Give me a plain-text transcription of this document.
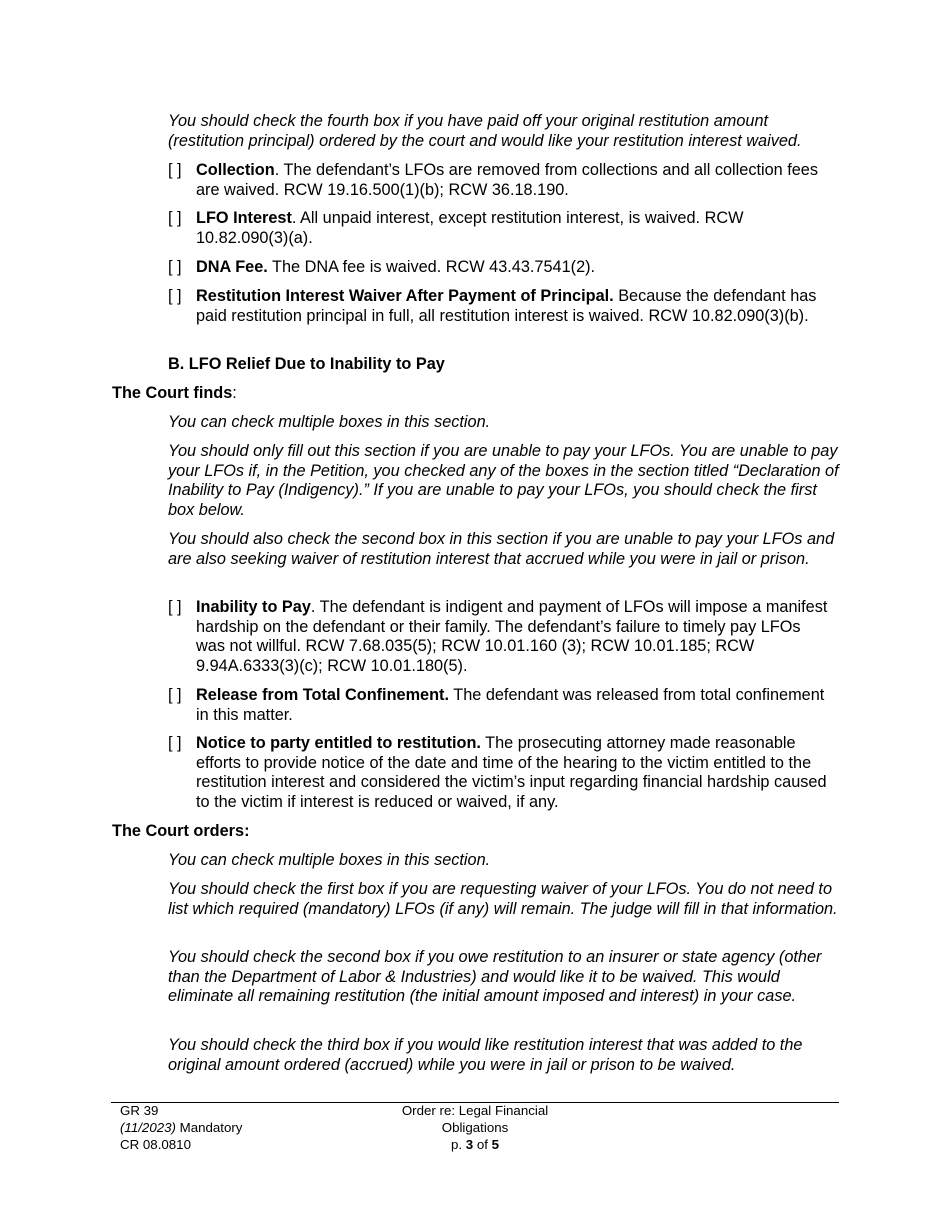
You should check the fourth box if you have paid off your original restitution amount (restitution principal) ordered by the court and would like your restitution interest waived.
[ ] Collection. The defendant’s LFOs are removed from collections and all collection fees are waived. RCW 19.16.500(1)(b); RCW 36.18.190.
[ ] LFO Interest. All unpaid interest, except restitution interest, is waived. RCW 10.82.090(3)(a).
[ ] DNA Fee. The DNA fee is waived. RCW 43.43.7541(2).
[ ] Restitution Interest Waiver After Payment of Principal. Because the defendant has paid restitution principal in full, all restitution interest is waived. RCW 10.82.090(3)(b).
B. LFO Relief Due to Inability to Pay
The Court finds:
You can check multiple boxes in this section.
You should only fill out this section if you are unable to pay your LFOs. You are unable to pay your LFOs if, in the Petition, you checked any of the boxes in the section titled “Declaration of Inability to Pay (Indigency).” If you are unable to pay your LFOs, you should check the first box below.
You should also check the second box in this section if you are unable to pay your LFOs and are also seeking waiver of restitution interest that accrued while you were in jail or prison.
[ ] Inability to Pay. The defendant is indigent and payment of LFOs will impose a manifest hardship on the defendant or their family. The defendant’s failure to timely pay LFOs was not willful. RCW 7.68.035(5); RCW 10.01.160 (3); RCW 10.01.185; RCW 9.94A.6333(3)(c); RCW 10.01.180(5).
[ ] Release from Total Confinement. The defendant was released from total confinement in this matter.
[ ] Notice to party entitled to restitution. The prosecuting attorney made reasonable efforts to provide notice of the date and time of the hearing to the victim entitled to the restitution interest and considered the victim’s input regarding financial hardship caused to the victim if interest is reduced or waived, if any.
The Court orders:
You can check multiple boxes in this section.
You should check the first box if you are requesting waiver of your LFOs. You do not need to list which required (mandatory) LFOs (if any) will remain. The judge will fill in that information.
You should check the second box if you owe restitution to an insurer or state agency (other than the Department of Labor & Industries) and would like it to be waived. This would eliminate all remaining restitution (the initial amount imposed and interest) in your case.
You should check the third box if you would like restitution interest that was added to the original amount ordered (accrued) while you were in jail or prison to be waived.
GR 39
(11/2023) Mandatory
CR 08.0810
Order re: Legal Financial
Obligations
p. 3 of 5
